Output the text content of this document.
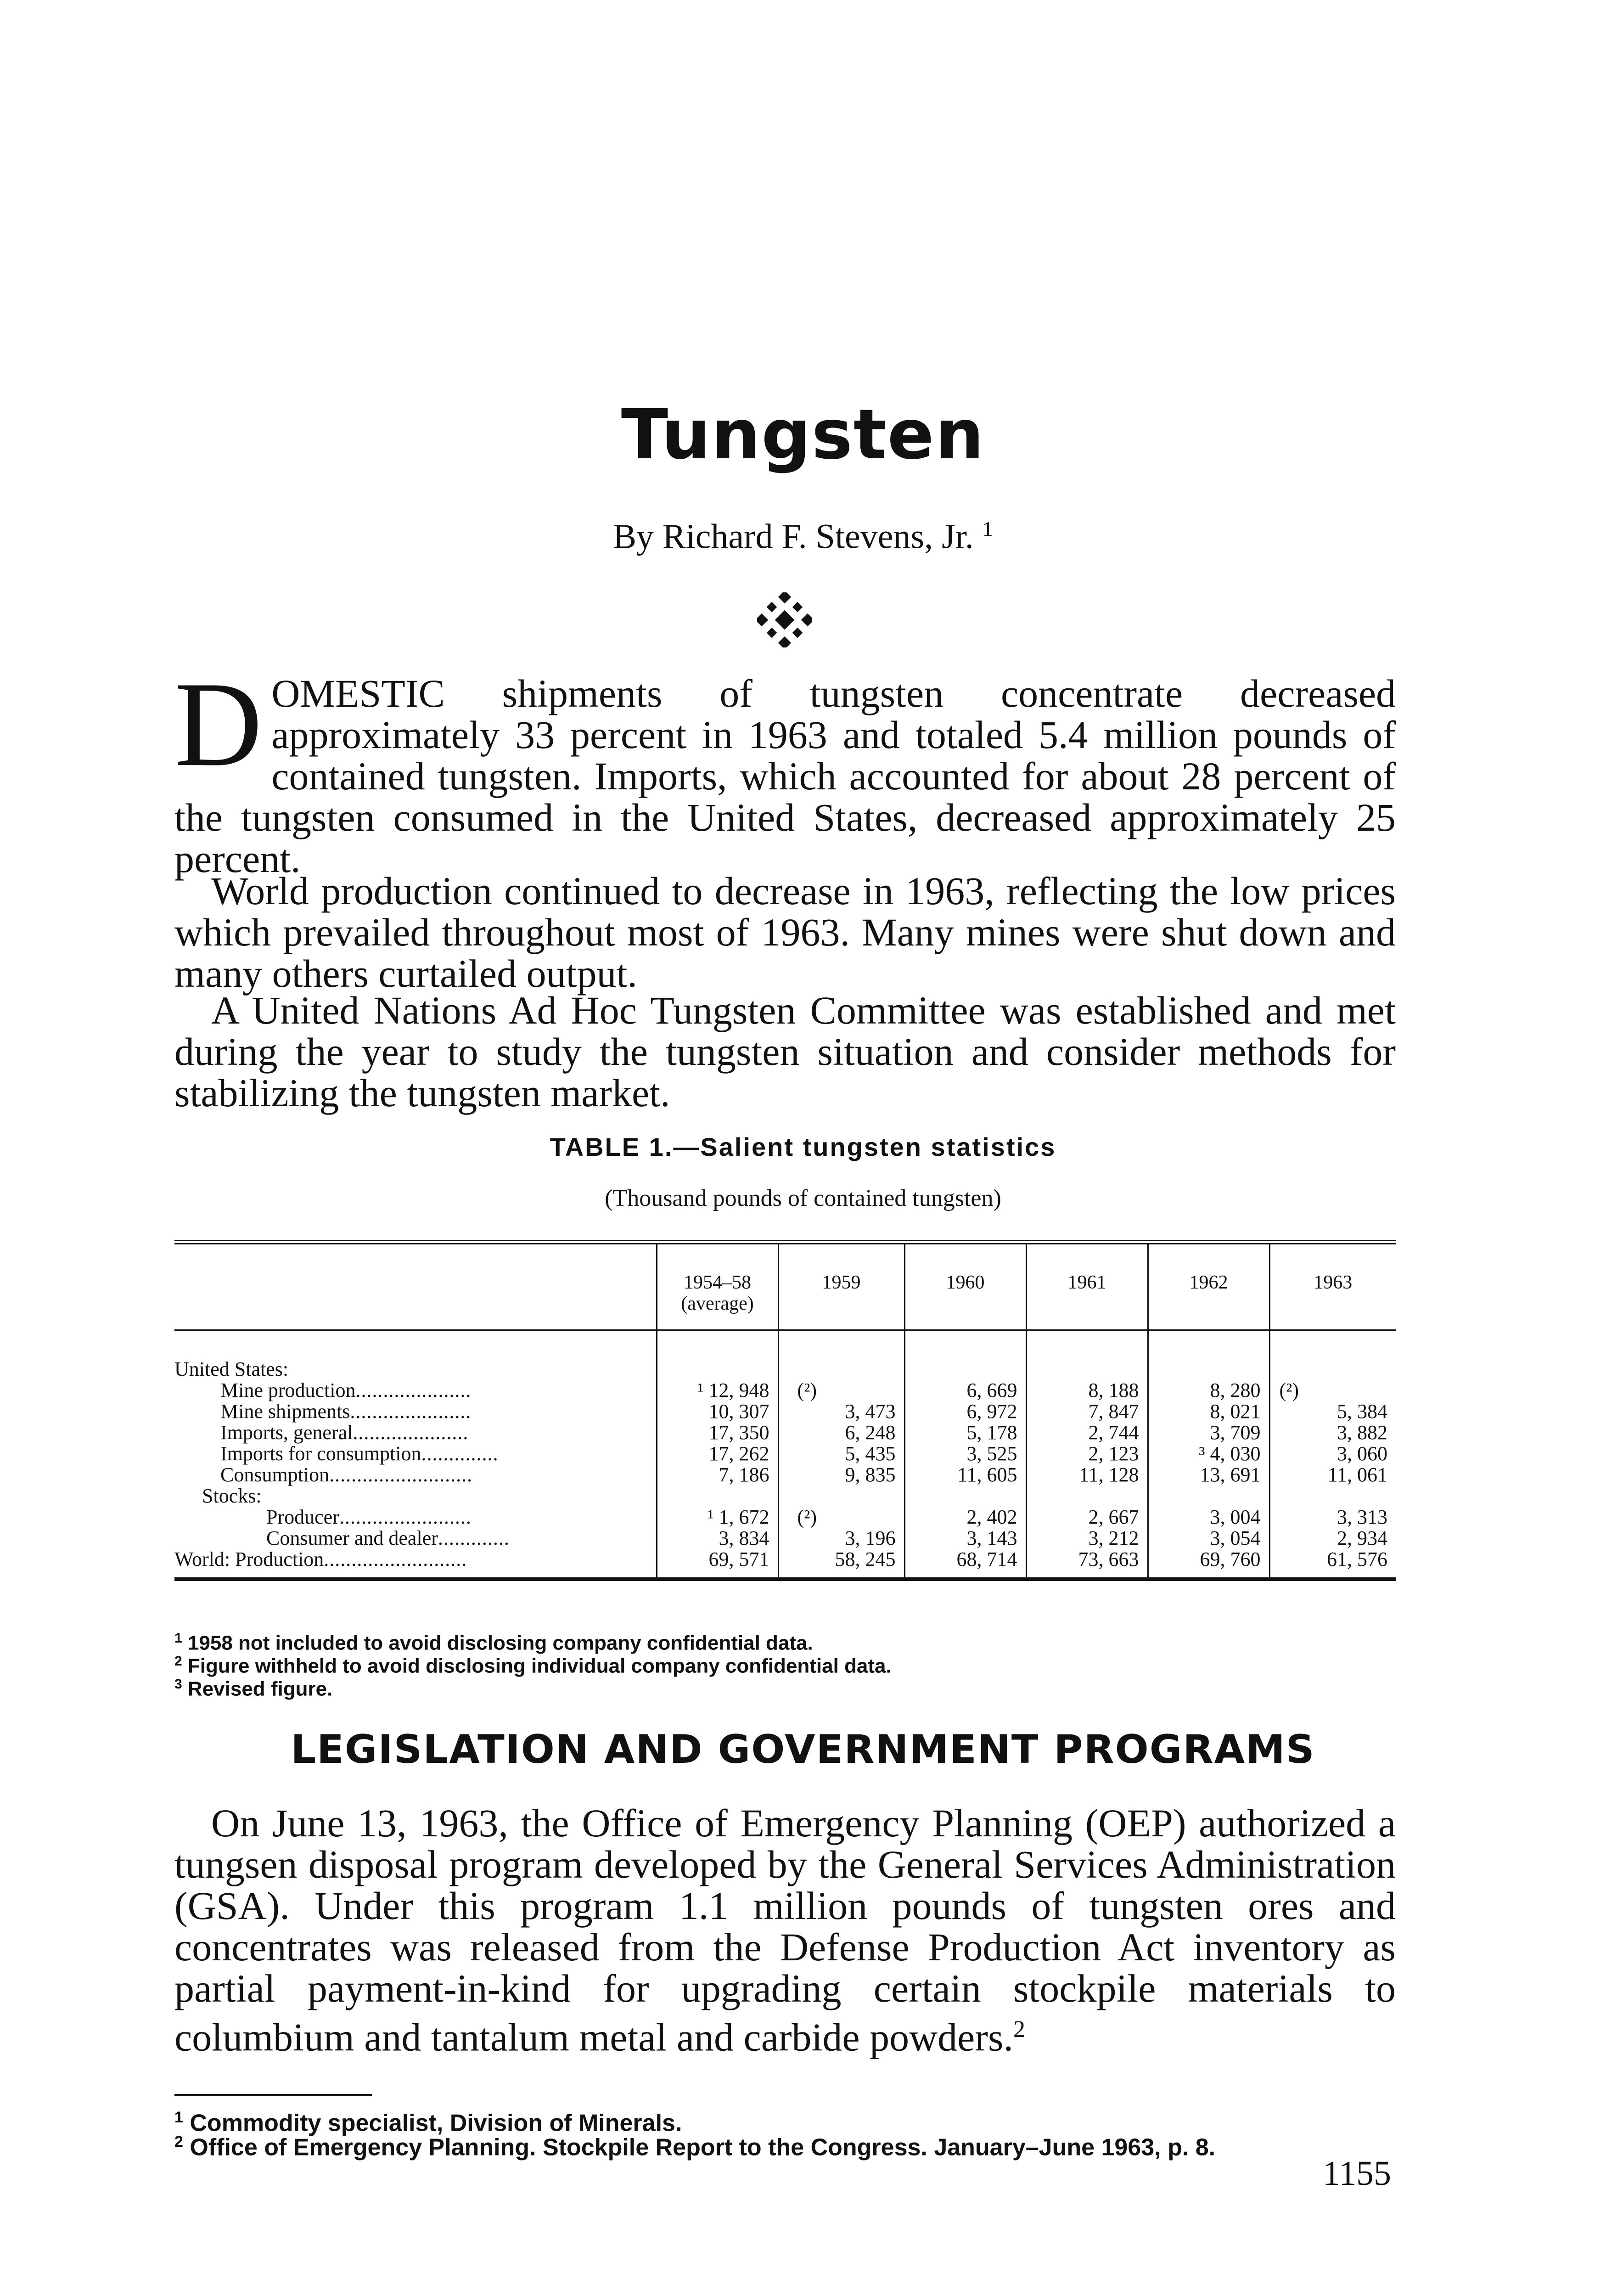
Tungsten
By Richard F. Stevens, Jr. $^1$
DOMESTIC shipments of tungsten concentrate decreased approximately 33 percent in 1963 and totaled 5.4 million pounds of contained tungsten. Imports, which accounted for about 28 percent of the tungsten consumed in the United States, decreased approximately 25 percent.
World production continued to decrease in 1963, reflecting the low prices which prevailed throughout most of 1963. Many mines were shut down and many others curtailed output.
A United Nations Ad Hoc Tungsten Committee was established and met during the year to study the tungsten situation and consider methods for stabilizing the tungsten market.
TABLE 1.—Salient tungsten statistics
(Thousand pounds of contained tungsten)
	1954–58 (average)	1959	1960	1961	1962	1963
United States:
Mine production.....................	¹ 12, 948	(²)	6, 669	8, 188	8, 280	(²)
Mine shipments......................	10, 307	3, 473	6, 972	7, 847	8, 021	5, 384
Imports, general.....................	17, 350	6, 248	5, 178	2, 744	3, 709	3, 882
Imports for consumption..............	17, 262	5, 435	3, 525	2, 123	³ 4, 030	3, 060
Consumption..........................	7, 186	9, 835	11, 605	11, 128	13, 691	11, 061
Stocks:
Producer........................	¹ 1, 672	(²)	2, 402	2, 667	3, 004	3, 313
Consumer and dealer.............	3, 834	3, 196	3, 143	3, 212	3, 054	2, 934
World: Production..........................	69, 571	58, 245	68, 714	73, 663	69, 760	61, 576
$^1$ 1958 not included to avoid disclosing company confidential data.
$^2$ Figure withheld to avoid disclosing individual company confidential data.
$^3$ Revised figure.
LEGISLATION AND GOVERNMENT PROGRAMS
On June 13, 1963, the Office of Emergency Planning (OEP) authorized a tungsen disposal program developed by the General Services Administration (GSA). Under this program 1.1 million pounds of tungsten ores and concentrates was released from the Defense Production Act inventory as partial payment-in-kind for upgrading certain stockpile materials to columbium and tantalum metal and carbide powders.$^2$
$^1$ Commodity specialist, Division of Minerals.
$^2$ Office of Emergency Planning. Stockpile Report to the Congress. January–June 1963, p. 8.
1155
